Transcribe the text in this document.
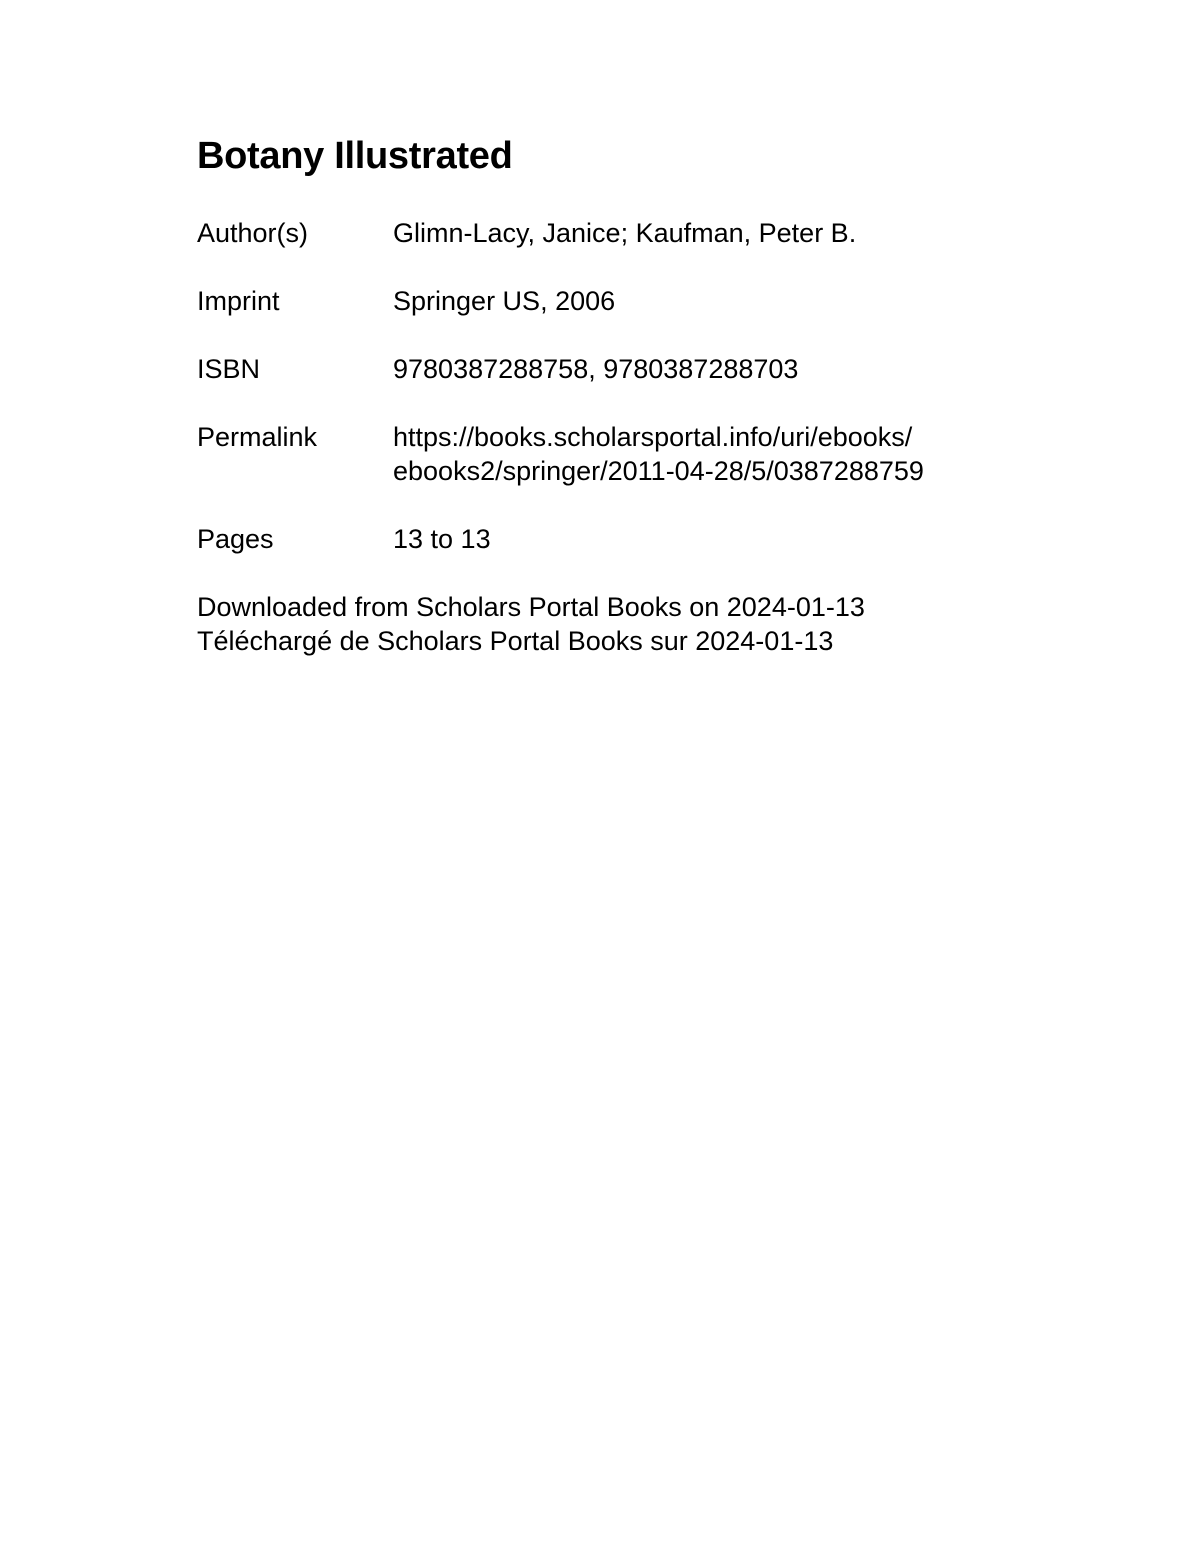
Botany Illustrated
Author(s)	Glimn-Lacy, Janice; Kaufman, Peter B.
Imprint	Springer US, 2006
ISBN	9780387288758, 9780387288703
Permalink	https://books.scholarsportal.info/uri/ebooks/
ebooks2/springer/2011-04-28/5/0387288759
Pages	13 to 13
Downloaded from Scholars Portal Books on 2024-01-13
Téléchargé de Scholars Portal Books sur 2024-01-13
